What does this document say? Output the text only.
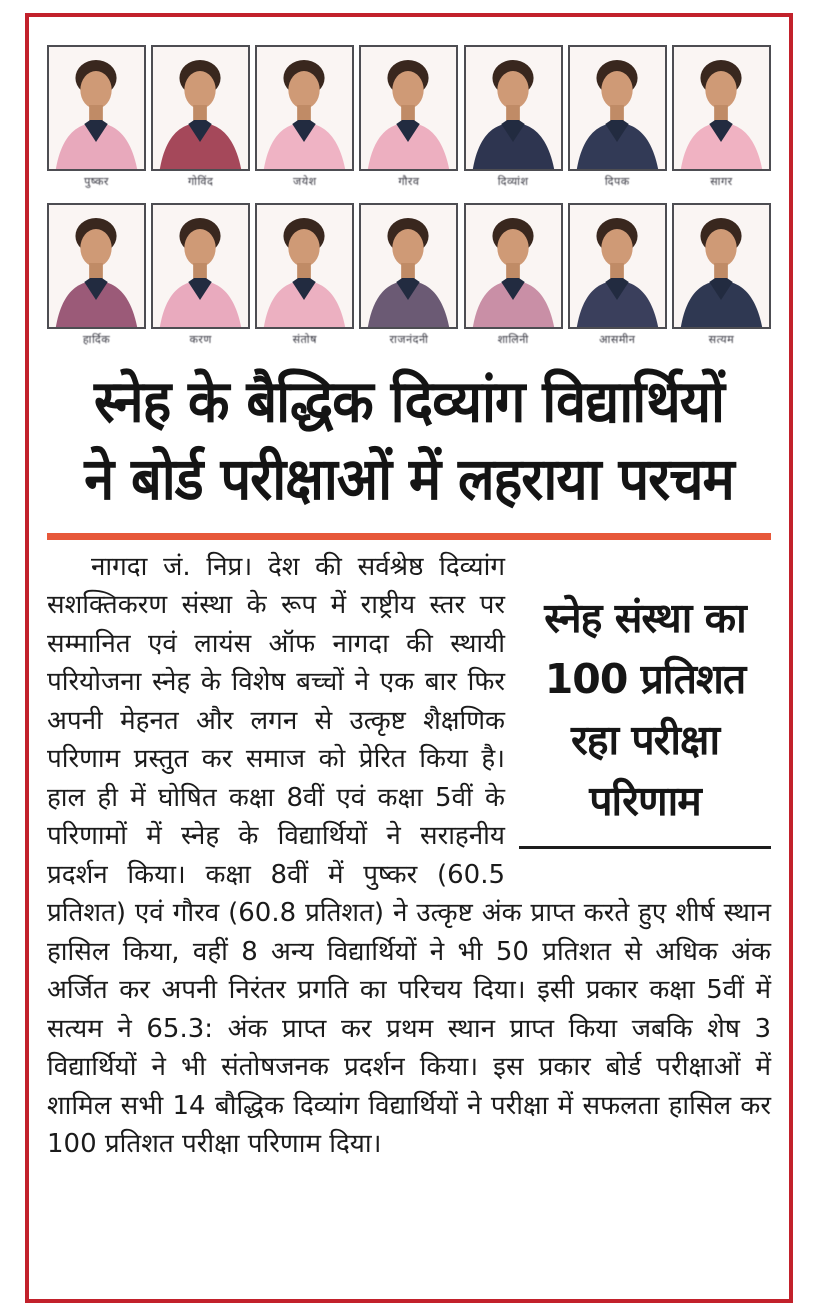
पुष्कर	गोविंद	जयेश	गौरव	दिव्यांश	दिपक	सागर
हार्दिक	करण	संतोष	राजनंदनी	शालिनी	आसमीन	सत्यम
स्नेह के बैद्धिक दिव्यांग विद्यार्थियों
ने बोर्ड परीक्षाओं में लहराया परचम
स्नेह संस्था का
100 प्रतिशत
रहा परीक्षा
परिणाम

नागदा जं. निप्र। देश की सर्वश्रेष्ठ दिव्यांग सशक्तिकरण संस्था के रूप में राष्ट्रीय स्तर पर सम्मानित एवं लायंस ऑफ नागदा की स्थायी परियोजना स्नेह के विशेष बच्चों ने एक बार फिर अपनी मेहनत और लगन से उत्कृष्ट शैक्षणिक परिणाम प्रस्तुत कर समाज को प्रेरित किया है। हाल ही में घोषित कक्षा 8वीं एवं कक्षा 5वीं के परिणामों में स्नेह के विद्यार्थियों ने सराहनीय प्रदर्शन किया। कक्षा 8वीं में पुष्कर (60.5 प्रतिशत) एवं गौरव (60.8 प्रतिशत) ने उत्कृष्ट अंक प्राप्त करते हुए शीर्ष स्थान हासिल किया, वहीं 8 अन्य विद्यार्थियों ने भी 50 प्रतिशत से अधिक अंक अर्जित कर अपनी निरंतर प्रगति का परिचय दिया। इसी प्रकार कक्षा 5वीं में सत्यम ने 65.3: अंक प्राप्त कर प्रथम स्थान प्राप्त किया जबकि शेष 3 विद्यार्थियों ने भी संतोषजनक प्रदर्शन किया। इस प्रकार बोर्ड परीक्षाओं में शामिल सभी 14 बौद्धिक दिव्यांग विद्यार्थियों ने परीक्षा में सफलता हासिल कर 100 प्रतिशत परीक्षा परिणाम दिया।
